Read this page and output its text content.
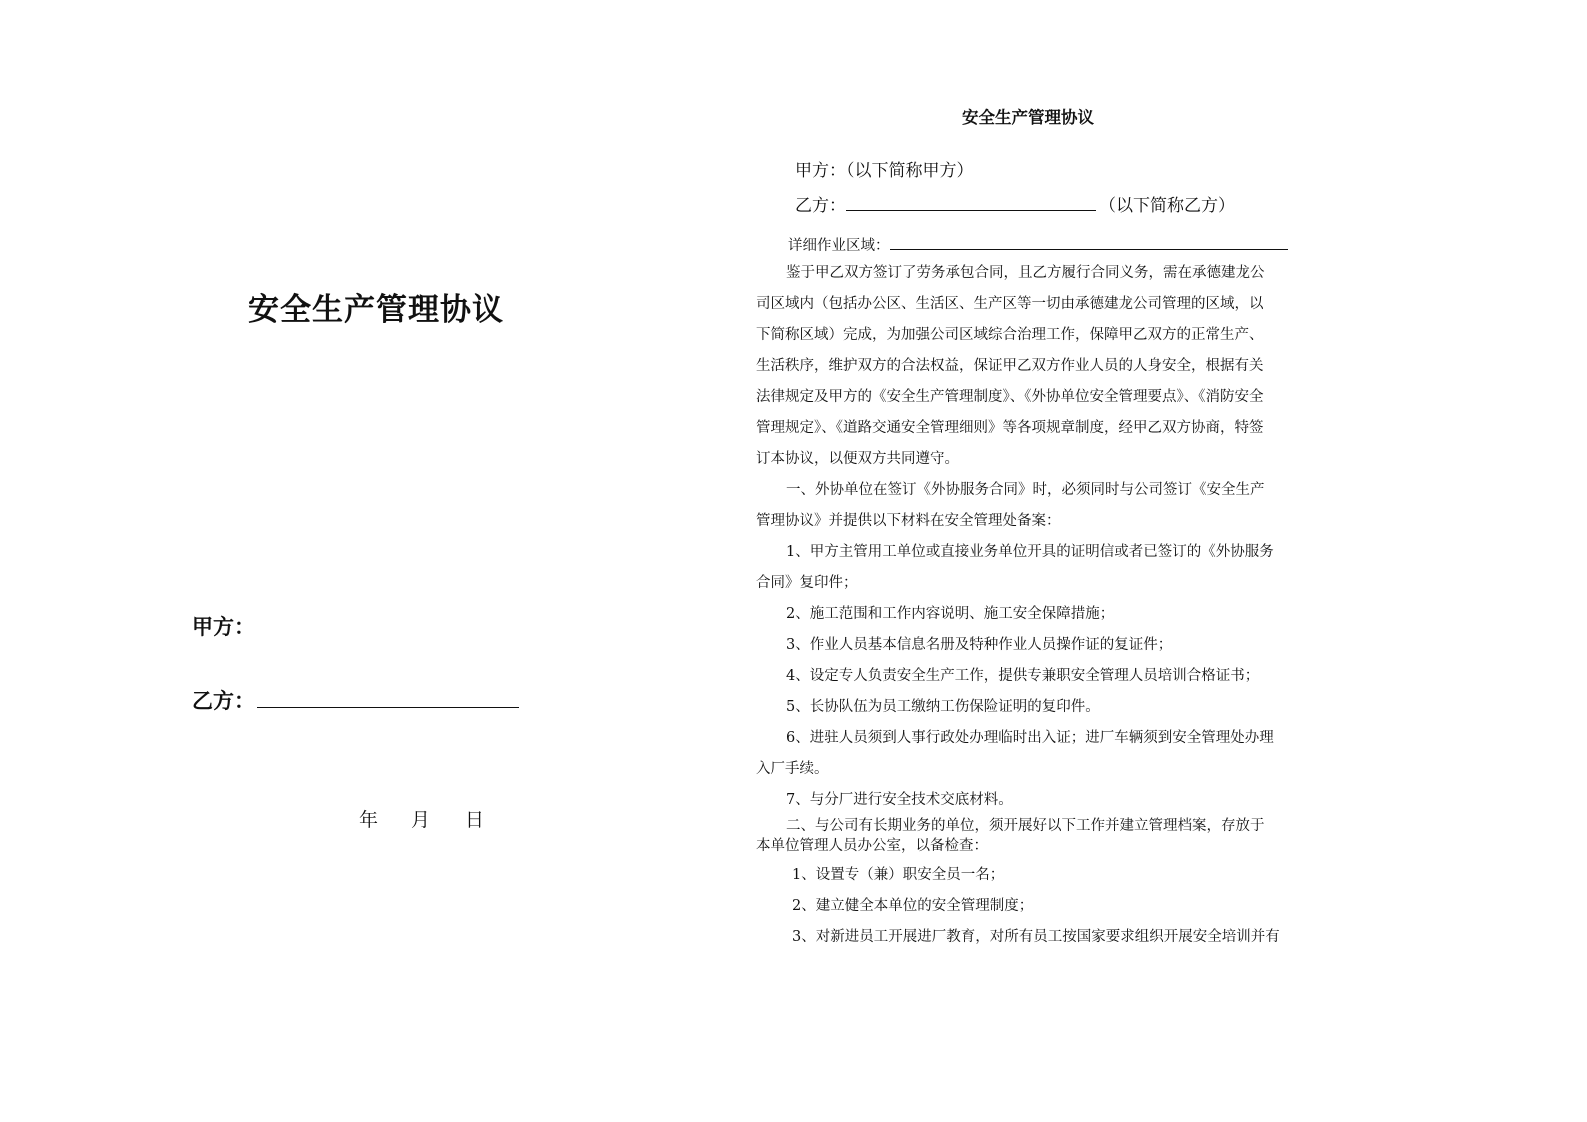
安全生产管理协议
甲方：
乙方：
年 月 日
安全生产管理协议
甲方：（以下简称甲方）
乙方：	（以下简称乙方）
详细作业区域：
鉴于甲乙双方签订了劳务承包合同，且乙方履行合同义务，需在承德建龙公
司区域内（包括办公区、生活区、生产区等一切由承德建龙公司管理的区域，以
下简称区域）完成，为加强公司区域综合治理工作，保障甲乙双方的正常生产、
生活秩序，维护双方的合法权益，保证甲乙双方作业人员的人身安全，根据有关
法律规定及甲方的《安全生产管理制度》、《外协单位安全管理要点》、《消防安全
管理规定》、《道路交通安全管理细则》等各项规章制度，经甲乙双方协商，特签
订本协议，以便双方共同遵守。
一、外协单位在签订《外协服务合同》时，必须同时与公司签订《安全生产
管理协议》并提供以下材料在安全管理处备案：
1、甲方主管用工单位或直接业务单位开具的证明信或者已签订的《外协服务
合同》复印件；
2、施工范围和工作内容说明、施工安全保障措施；
3、作业人员基本信息名册及特种作业人员操作证的复证件；
4、设定专人负责安全生产工作，提供专兼职安全管理人员培训合格证书；
5、长协队伍为员工缴纳工伤保险证明的复印件。
6、进驻人员须到人事行政处办理临时出入证；进厂车辆须到安全管理处办理
入厂手续。
7、与分厂进行安全技术交底材料。
二、与公司有长期业务的单位，须开展好以下工作并建立管理档案，存放于
本单位管理人员办公室，以备检查：
1、设置专（兼）职安全员一名；
2、建立健全本单位的安全管理制度；
3、对新进员工开展进厂教育，对所有员工按国家要求组织开展安全培训并有
